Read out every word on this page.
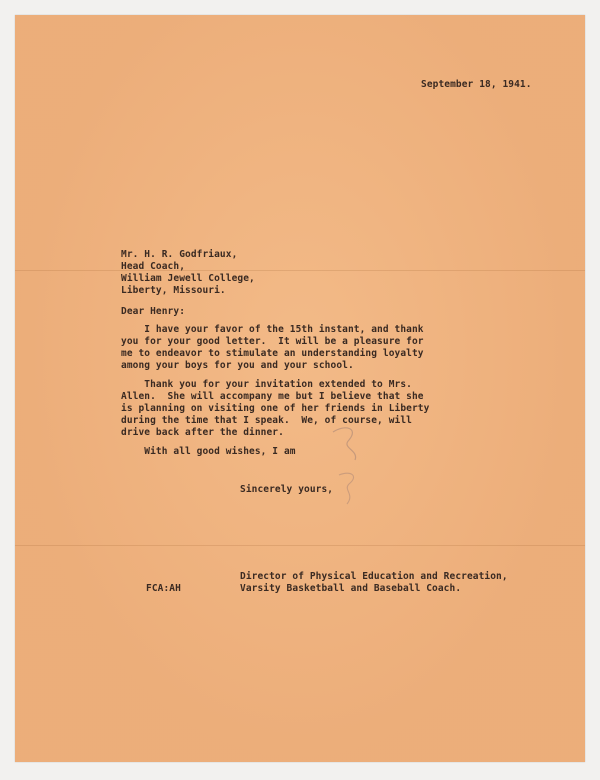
September 18, 1941.
Mr. H. R. Godfriaux,
Head Coach,
William Jewell College,
Liberty, Missouri.
Dear Henry:
I have your favor of the 15th instant, and thank
you for your good letter.  It will be a pleasure for
me to endeavor to stimulate an understanding loyalty
among your boys for you and your school.
Thank you for your invitation extended to Mrs.
Allen.  She will accompany me but I believe that she
is planning on visiting one of her friends in Liberty
during the time that I speak.  We, of course, will
drive back after the dinner.
With all good wishes, I am
Sincerely yours,
FCA:AH
Director of Physical Education and Recreation,
Varsity Basketball and Baseball Coach.
